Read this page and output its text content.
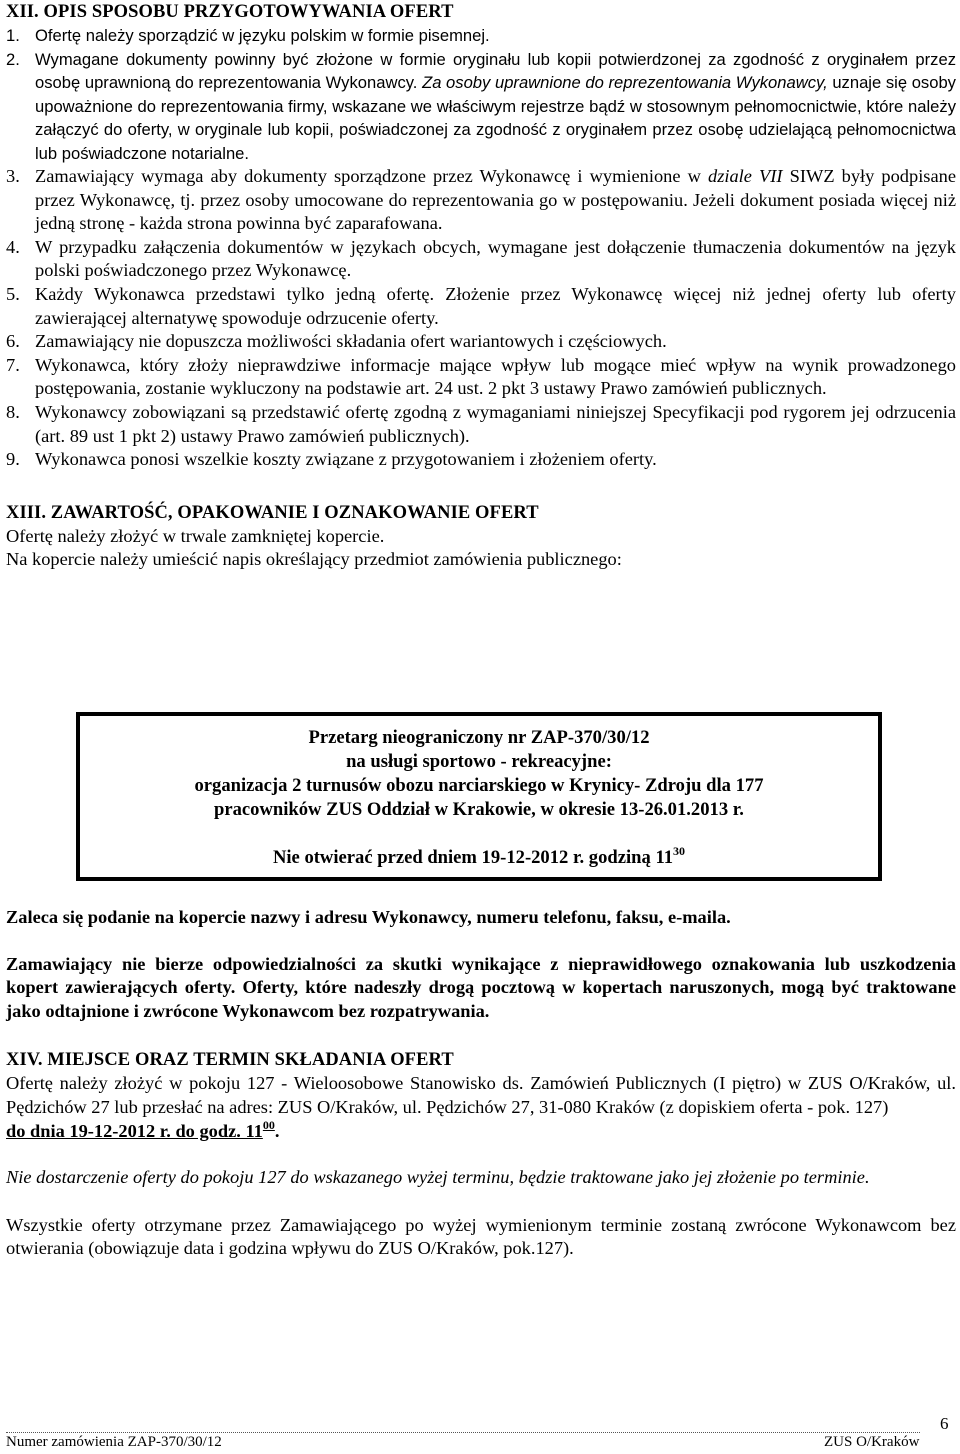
XII. OPIS SPOSOBU PRZYGOTOWYWANIA OFERT
1. Ofertę należy sporządzić w języku polskim w formie pisemnej.
2. Wymagane dokumenty powinny być złożone w formie oryginału lub kopii potwierdzonej za zgodność z oryginałem przez osobę uprawnioną do reprezentowania Wykonawcy. Za osoby uprawnione do reprezentowania Wykonawcy, uznaje się osoby upoważnione do reprezentowania firmy, wskazane we właściwym rejestrze bądź w stosownym pełnomocnictwie, które należy załączyć do oferty, w oryginale lub kopii, poświadczonej za zgodność z oryginałem przez osobę udzielającą pełnomocnictwa lub poświadczone notarialne.
3. Zamawiający wymaga aby dokumenty sporządzone przez Wykonawcę i wymienione w dziale VII SIWZ były podpisane przez Wykonawcę, tj. przez osoby umocowane do reprezentowania go w postępowaniu. Jeżeli dokument posiada więcej niż jedną stronę - każda strona powinna być zaparafowana.
4. W przypadku załączenia dokumentów w językach obcych, wymagane jest dołączenie tłumaczenia dokumentów na język polski poświadczonego przez Wykonawcę.
5. Każdy Wykonawca przedstawi tylko jedną ofertę. Złożenie przez Wykonawcę więcej niż jednej oferty lub oferty zawierającej alternatywę spowoduje odrzucenie oferty.
6. Zamawiający nie dopuszcza możliwości składania ofert wariantowych i częściowych.
7. Wykonawca, który złoży nieprawdziwe informacje mające wpływ lub mogące mieć wpływ na wynik prowadzonego postępowania, zostanie wykluczony na podstawie art. 24 ust. 2 pkt 3 ustawy Prawo zamówień publicznych.
8. Wykonawcy zobowiązani są przedstawić ofertę zgodną z wymaganiami niniejszej Specyfikacji pod rygorem jej odrzucenia (art. 89 ust 1 pkt 2) ustawy Prawo zamówień publicznych).
9. Wykonawca ponosi wszelkie koszty związane z przygotowaniem i złożeniem oferty.
XIII. ZAWARTOŚĆ, OPAKOWANIE I OZNAKOWANIE OFERT
Ofertę należy złożyć w trwale zamkniętej kopercie.
Na kopercie należy umieścić napis określający przedmiot zamówienia publicznego:
Przetarg nieograniczony nr ZAP-370/30/12
na usługi sportowo - rekreacyjne:
organizacja 2 turnusów obozu narciarskiego w Krynicy- Zdroju dla 177
pracowników ZUS Oddział w Krakowie, w okresie 13-26.01.2013 r.
Nie otwierać przed dniem 19-12-2012 r. godziną $11^{30}$
Zaleca się podanie na kopercie nazwy i adresu Wykonawcy, numeru telefonu, faksu, e-maila.
Zamawiający nie bierze odpowiedzialności za skutki wynikające z nieprawidłowego oznakowania lub uszkodzenia kopert zawierających oferty. Oferty, które nadeszły drogą pocztową w kopertach naruszonych, mogą być traktowane jako odtajnione i zwrócone Wykonawcom bez rozpatrywania.
XIV. MIEJSCE ORAZ TERMIN SKŁADANIA OFERT
Ofertę należy złożyć w pokoju 127 - Wieloosobowe Stanowisko ds. Zamówień Publicznych (I piętro) w ZUS O/Kraków, ul. Pędzichów 27 lub przesłać na adres: ZUS O/Kraków, ul. Pędzichów 27, 31-080 Kraków (z dopiskiem oferta - pok. 127)
do dnia 19-12-2012 r. do godz. $11^{00}$.
Nie dostarczenie oferty do pokoju 127 do wskazanego wyżej terminu, będzie traktowane jako jej złożenie po terminie.
Wszystkie oferty otrzymane przez Zamawiającego po wyżej wymienionym terminie zostaną zwrócone Wykonawcom bez otwierania (obowiązuje data i godzina wpływu do ZUS O/Kraków, pok.127).
6
Numer zamówienia ZAP-370/30/12	ZUS O/Kraków
